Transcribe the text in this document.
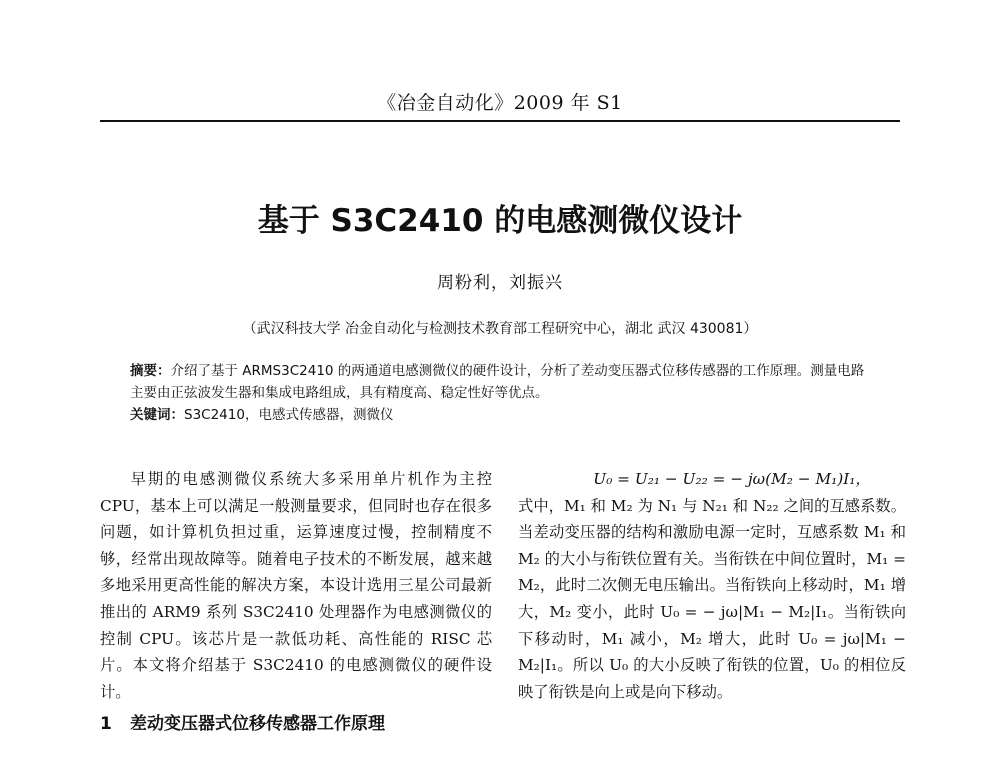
《冶金自动化》2009 年 S1
基于 S3C2410 的电感测微仪设计
周粉利，刘振兴
（武汉科技大学 冶金自动化与检测技术教育部工程研究中心，湖北 武汉 430081）

摘要：介绍了基于 ARMS3C2410 的两通道电感测微仪的硬件设计，分析了差动变压器式位移传感器的工作原理。测量电路主要由正弦波发生器和集成电路组成，具有精度高、稳定性好等优点。

关键词：S3C2410，电感式传感器，测微仪

早期的电感测微仪系统大多采用单片机作为主控 CPU，基本上可以满足一般测量要求，但同时也存在很多问题，如计算机负担过重，运算速度过慢，控制精度不够，经常出现故障等。随着电子技术的不断发展，越来越多地采用更高性能的解决方案，本设计选用三星公司最新推出的 ARM9 系列 S3C2410 处理器作为电感测微仪的控制 CPU。该芯片是一款低功耗、高性能的 RISC 芯片。本文将介绍基于 S3C2410 的电感测微仪的硬件设计。

1 差动变压器式位移传感器工作原理

U₀ = U₂₁ − U₂₂ = − jω(M₂ − M₁)I₁，

式中，M₁ 和 M₂ 为 N₁ 与 N₂₁ 和 N₂₂ 之间的互感系数。当差动变压器的结构和激励电源一定时，互感系数 M₁ 和 M₂ 的大小与衔铁位置有关。当衔铁在中间位置时，M₁ = M₂，此时二次侧无电压输出。当衔铁向上移动时，M₁ 增大，M₂ 变小，此时 U₀ = − jω|M₁ − M₂|I₁。当衔铁向下移动时，M₁ 减小，M₂ 增大，此时 U₀ = jω|M₁ − M₂|I₁。所以 U₀ 的大小反映了衔铁的位置，U₀ 的相位反映了衔铁是向上或是向下移动。
